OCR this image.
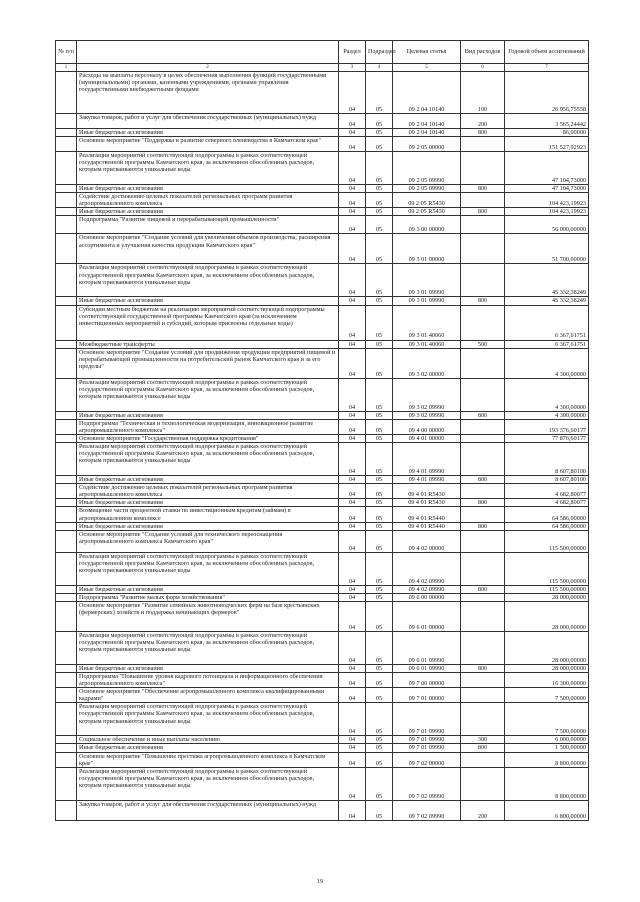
№ п/п		Раздел	Подраздел	Целевая статья	Вид расходов	Годовой объем ассигнований
1	2	3	4	5	6	7
	Расходы на выплаты персоналу в целях обеспечения выполнения функций государственными (муниципальными) органами, казенными учреждениями, органами управления государственными внебюджетными фондами	04	05	09 2 04 10140	100	26 956,75558
	Закупка товаров, работ и услуг для обеспечения государственных (муниципальных) нужд	04	05	09 2 04 10140	200	3 565,24442
	Иные бюджетные ассигнования	04	05	09 2 04 10140	800	86,00000
	Основное мероприятие "Поддержка и развитие северного оленеводства в Камчатском крае"	04	05	09 2 05 00000		151 527,92923
	Реализация мероприятий соответствующей подпрограммы в рамках соответствующей государственной программы Камчатского края, за исключением обособленных расходов, которым присваиваются уникальные коды	04	05	09 2 05 09990		47 104,73000
	Иные бюджетные ассигнования	04	05	09 2 05 09990	800	47 104,73000
	Содействие достижению целевых показателей региональных программ развития агропромышленного комплекса	04	05	09 2 05 R5430		104 423,19923
	Иные бюджетные ассигнования	04	05	09 2 05 R5430	800	104 423,19923
	Подпрограмма "Развитие пищевой и перерабатывающей промышленности"	04	05	09 3 00 00000		56 000,00000
	Основное мероприятие "Создание условий для увеличения объемов производства, расширения ассортимента и улучшения качества продукции Камчатского края"	04	05	09 3 01 00000		51 700,00000
	Реализация мероприятий соответствующей подпрограммы в рамках соответствующей государственной программы Камчатского края, за исключением обособленных расходов, которым присваиваются уникальные коды	04	05	09 3 01 09990		45 332,38249
	Иные бюджетные ассигнования	04	05	09 3 01 09990	800	45 332,38249
	Субсидии местным бюджетам на реализацию мероприятий соответствующей подпрограммы соответствующей государственной программы Камчатского края (за исключением инвестиционных мероприятий и субсидий, которым присвоены отдельные коды)	04	05	09 3 01 40060		6 367,61751
	Межбюджетные трансферты	04	05	09 3 01 40060	500	6 367,61751
	Основное мероприятие "Создание условий для продвижения продукции предприятий пищевой и перерабатывающей промышленности на потребительский рынок Камчатского края и за его пределы"	04	05	09 3 02 00000		4 300,00000
	Реализация мероприятий соответствующей подпрограммы в рамках соответствующей государственной программы Камчатского края, за исключением обособленных расходов, которым присваиваются уникальные коды	04	05	09 3 02 09990		4 300,00000
	Иные бюджетные ассигнования	04	05	09 3 02 09990	800	4 300,00000
	Подпрограмма "Техническая и технологическая модернизация, инновационное развитие агропромышленного комплекса"	04	05	09 4 00 00000		193 376,60177
	Основное мероприятие "Государственная поддержка кредитования"	04	05	09 4 01 00000		77 876,60177
	Реализация мероприятий соответствующей подпрограммы в рамках соответствующей государственной программы Камчатского края, за исключением обособленных расходов, которым присваиваются уникальные коды	04	05	09 4 01 09990		8 607,80100
	Иные бюджетные ассигнования	04	05	09 4 01 09990	800	8 607,80100
	Содействие достижению целевых показателей региональных программ развития агропромышленного комплекса	04	05	09 4 01 R5430		4 682,80077
	Иные бюджетные ассигнования	04	05	09 4 01 R5430	800	4 682,80077
	Возмещение части процентной ставки по инвестиционным кредитам (займам) в агропромышленном комплексе	04	05	09 4 01 R5440		64 586,00000
	Иные бюджетные ассигнования	04	05	09 4 01 R5440	800	64 586,00000
	Основное мероприятие "Создание условий для технического переоснащения агропромышленного комплекса Камчатского края"	04	05	09 4 02 00000		115 500,00000
	Реализация мероприятий соответствующей подпрограммы в рамках соответствующей государственной программы Камчатского края, за исключением обособленных расходов, которым присваиваются уникальные коды	04	05	09 4 02 09990		115 500,00000
	Иные бюджетные ассигнования	04	05	09 4 02 09990	800	115 500,00000
	Подпрограмма "Развитие малых форм хозяйствования"	04	05	09 6 00 00000		28 000,00000
	Основное мероприятие "Развитие семейных животноводческих ферм на базе крестьянских (фермерских) хозяйств и поддержка начинающих фермеров"	04	05	09 6 01 00000		28 000,00000
	Реализация мероприятий соответствующей подпрограммы в рамках соответствующей государственной программы Камчатского края, за исключением обособленных расходов, которым присваиваются уникальные коды	04	05	09 6 01 09990		28 000,00000
	Иные бюджетные ассигнования	04	05	09 6 01 09990	800	28 000,00000
	Подпрограмма "Повышение уровня кадрового потенциала и информационного обеспечения агропромышленного комплекса"	04	05	09 7 00 00000		16 300,00000
	Основное мероприятие "Обеспечение агропромышленного комплекса квалифицированными кадрами"	04	05	09 7 01 00000		7 500,00000
	Реализация мероприятий соответствующей подпрограммы в рамках соответствующей государственной программы Камчатского края, за исключением обособленных расходов, которым присваиваются уникальные коды	04	05	09 7 01 09990		7 500,00000
	Социальное обеспечение и иные выплаты населению	04	05	09 7 01 09990	300	6 000,00000
	Иные бюджетные ассигнования	04	05	09 7 01 09990	800	1 500,00000
	Основное мероприятие "Повышение престижа агропромышленного комплекса в Камчатском крае"	04	05	09 7 02 00000		8 800,00000
	Реализация мероприятий соответствующей подпрограммы в рамках соответствующей государственной программы Камчатского края, за исключением обособленных расходов, которым присваиваются уникальные коды	04	05	09 7 02 09990		8 800,00000
	Закупка товаров, работ и услуг для обеспечения государственных (муниципальных) нужд	04	05	09 7 02 09990	200	6 800,00000
19
